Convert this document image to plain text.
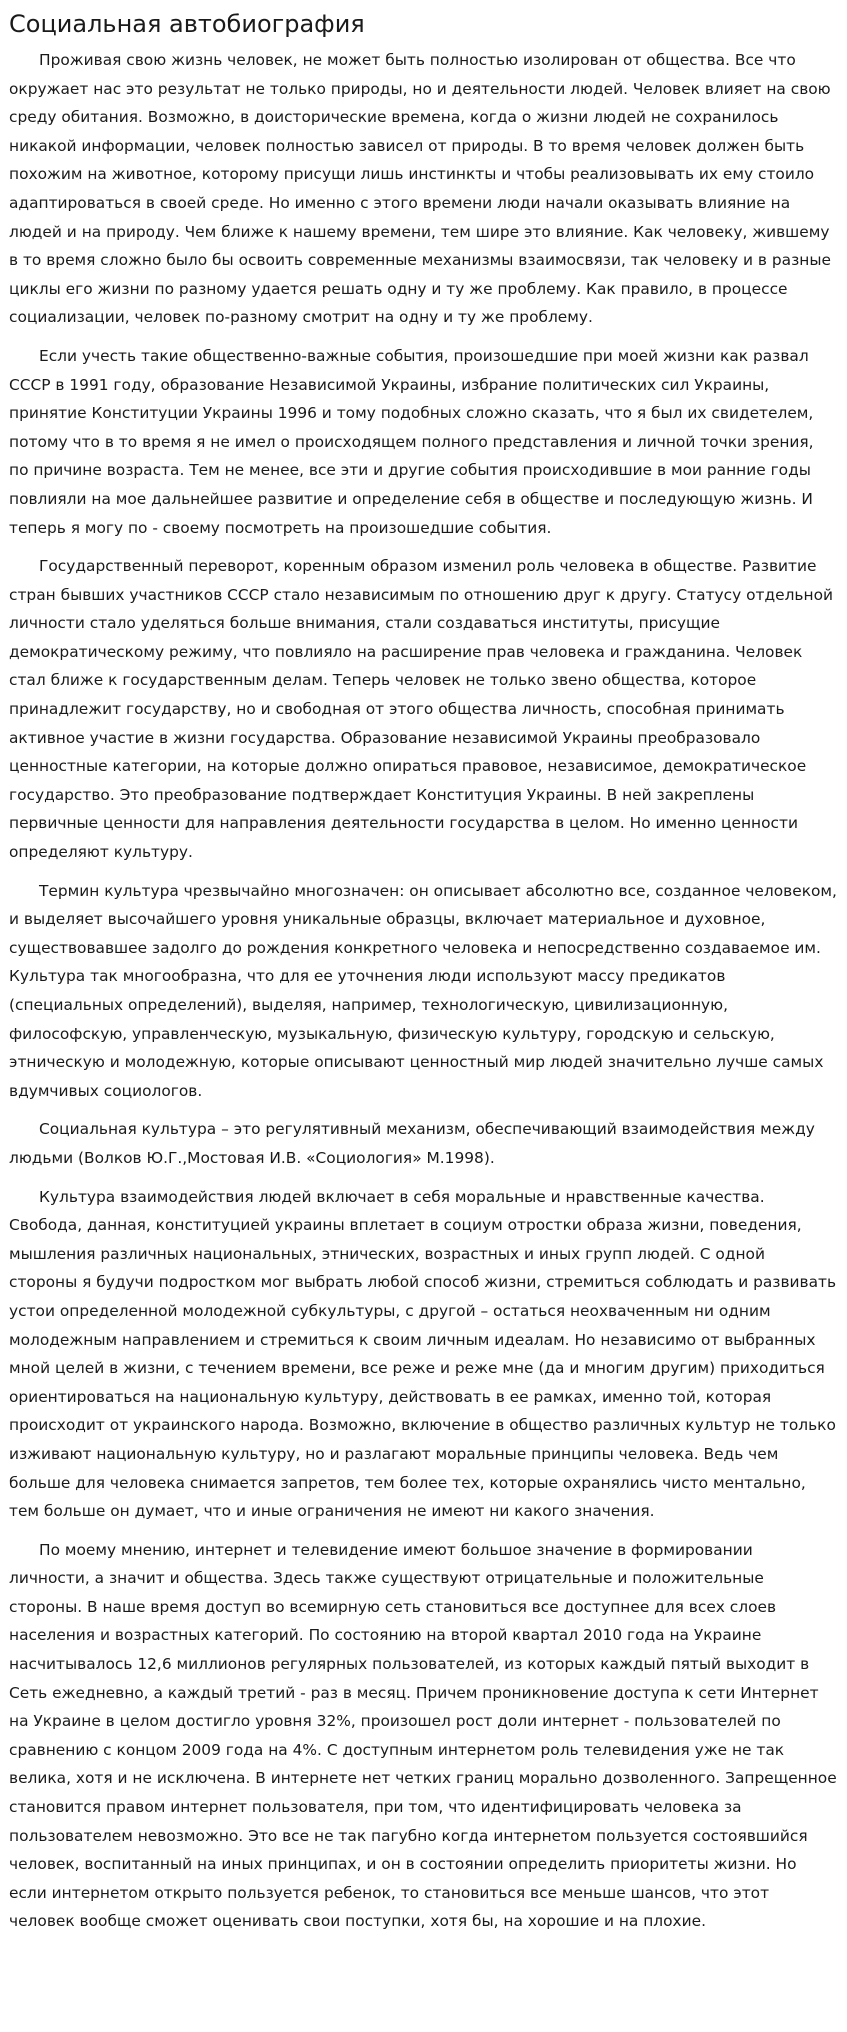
Социальная автобиография

Проживая свою жизнь человек, не может быть полностью изолирован от общества. Все что окружает нас это результат не только природы, но и деятельности людей. Человек влияет на свою среду обитания. Возможно, в доисторические времена, когда о жизни людей не сохранилось никакой информации, человек полностью зависел от природы. В то время человек должен быть похожим на животное, которому присущи лишь инстинкты и чтобы реализовывать их ему стоило адаптироваться в своей среде. Но именно с этого времени люди начали оказывать влияние на людей и на природу. Чем ближе к нашему времени, тем шире это влияние. Как человеку, жившему в то время сложно было бы освоить современные механизмы взаимосвязи, так человеку и в разные циклы его жизни по разному удается решать одну и ту же проблему. Как правило, в процессе социализации, человек по-разному смотрит на одну и ту же проблему.

Если учесть такие общественно-важные события, произошедшие при моей жизни как развал СССР в 1991 году, образование Независимой Украины, избрание политических сил Украины, принятие Конституции Украины 1996 и тому подобных сложно сказать, что я был их свидетелем, потому что в то время я не имел о происходящем полного представления и личной точки зрения, по причине возраста. Тем не менее, все эти и другие события происходившие в мои ранние годы повлияли на мое дальнейшее развитие и определение себя в обществе и последующую жизнь. И теперь я могу по - своему посмотреть на произошедшие события.

Государственный переворот, коренным образом изменил роль человека в обществе. Развитие стран бывших участников СССР стало независимым по отношению друг к другу. Статусу отдельной личности стало уделяться больше внимания, стали создаваться институты, присущие демократическому режиму, что повлияло на расширение прав человека и гражданина. Человек стал ближе к государственным делам. Теперь человек не только звено общества, которое принадлежит государству, но и свободная от этого общества личность, способная принимать активное участие в жизни государства. Образование независимой Украины преобразовало ценностные категории, на которые должно опираться правовое, независимое, демократическое государство. Это преобразование подтверждает Конституция Украины. В ней закреплены первичные ценности для направления деятельности государства в целом. Но именно ценности определяют культуру.

Термин культура чрезвычайно многозначен: он описывает абсолютно все, созданное человеком, и выделяет высочайшего уровня уникальные образцы, включает материальное и духовное, существовавшее задолго до рождения конкретного человека и непосредственно создаваемое им. Культура так многообразна, что для ее уточнения люди используют массу предикатов (специальных определений), выделяя, например, технологическую, цивилизационную, философскую, управленческую, музыкальную, физическую культуру, городскую и сельскую, этническую и молодежную, которые описывают ценностный мир людей значительно лучше самых вдумчивых социологов.

Социальная культура – это регулятивный механизм, обеспечивающий взаимодействия между людьми (Волков Ю.Г.,Мостовая И.В. «Социология» М.1998).

Культура взаимодействия людей включает в себя моральные и нравственные качества. Свобода, данная, конституцией украины вплетает в социум отростки образа жизни, поведения, мышления различных национальных, этнических, возрастных и иных групп людей. С одной стороны я будучи подростком мог выбрать любой способ жизни, стремиться соблюдать и развивать устои определенной молодежной субкультуры, с другой – остаться неохваченным ни одним молодежным направлением и стремиться к своим личным идеалам. Но независимо от выбранных мной целей в жизни, с течением времени, все реже и реже мне (да и многим другим) приходиться ориентироваться на национальную культуру, действовать в ее рамках, именно той, которая происходит от украинского народа. Возможно, включение в общество различных культур не только изживают национальную культуру, но и разлагают моральные принципы человека. Ведь чем больше для человека снимается запретов, тем более тех, которые охранялись чисто ментально, тем больше он думает, что и иные ограничения не имеют ни какого значения.

По моему мнению, интернет и телевидение имеют большое значение в формировании личности, а значит и общества. Здесь также существуют отрицательные и положительные стороны. В наше время доступ во всемирную сеть становиться все доступнее для всех слоев населения и возрастных категорий. По состоянию на второй квартал 2010 года на Украине насчитывалось 12,6 миллионов регулярных пользователей, из которых каждый пятый выходит в Сеть ежедневно, а каждый третий - раз в месяц. Причем проникновение доступа к сети Интернет на Украине в целом достигло уровня 32%, произошел рост доли интернет - пользователей по сравнению с концом 2009 года на 4%. С доступным интернетом роль телевидения уже не так велика, хотя и не исключена. В интернете нет четких границ морально дозволенного. Запрещенное становится правом интернет пользователя, при том, что идентифицировать человека за пользователем невозможно. Это все не так пагубно когда интернетом пользуется состоявшийся человек, воспитанный на иных принципах, и он в состоянии определить приоритеты жизни. Но если интернетом открыто пользуется ребенок, то становиться все меньше шансов, что этот человек вообще сможет оценивать свои поступки, хотя бы, на хорошие и на плохие.
